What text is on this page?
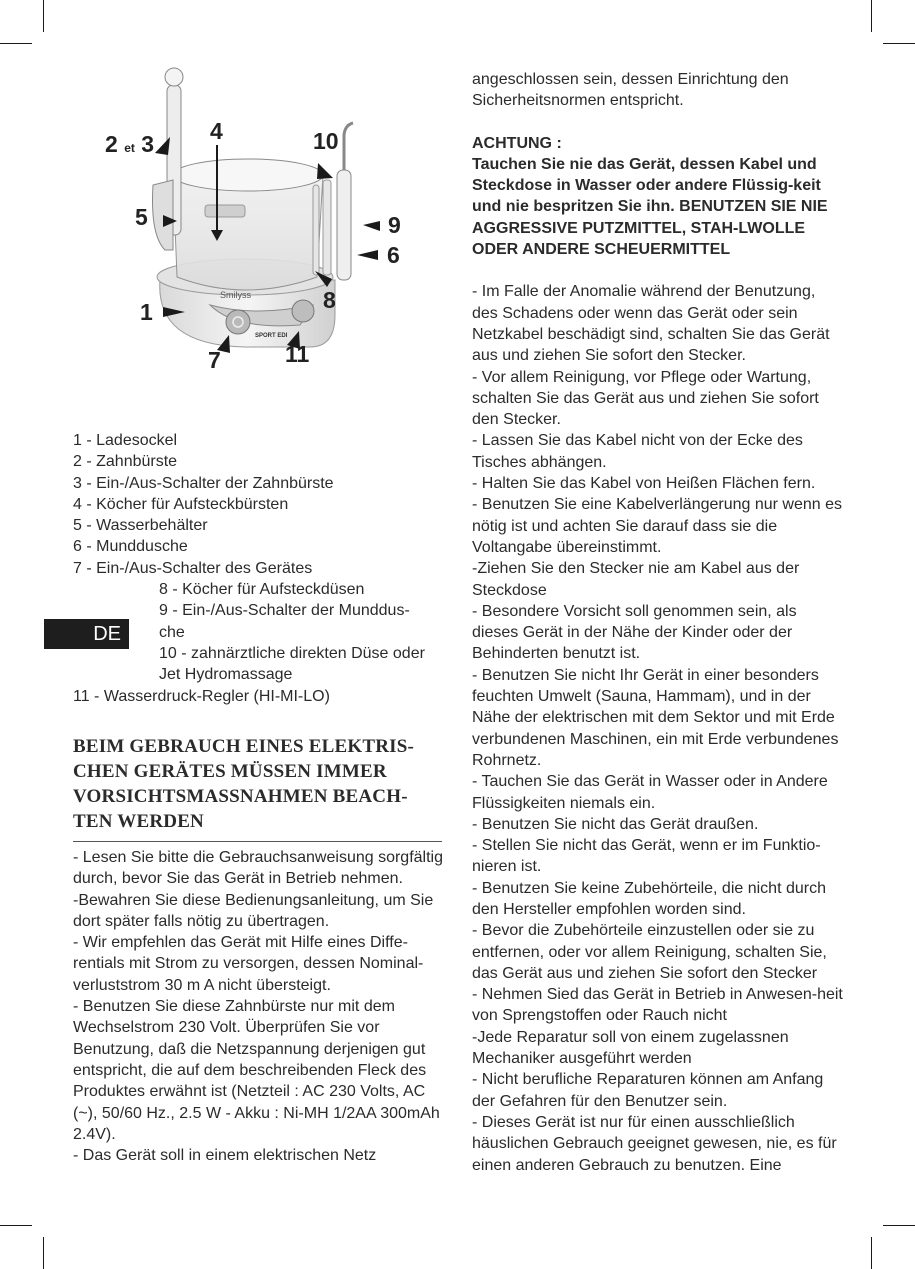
Smilyss
SPORT EDI
2 et 3 4	10
5	9
6
1	8
7	11
1 - Ladesockel
2 - Zahnbürste
3 - Ein-/Aus-Schalter der Zahnbürste
4 - Köcher für Aufsteckbürsten
5 - Wasserbehälter
6 - Munddusche
7 - Ein-/Aus-Schalter des Gerätes
8 - Köcher für Aufsteckdüsen
9 - Ein-/Aus-Schalter der Munddus-che
10 - zahnärztliche direkten Düse oder Jet Hydromassage
11 - Wasserdruck-Regler (HI-MI-LO)
DE
BEIM GEBRAUCH EINES ELEKTRIS-CHEN GERÄTES MÜSSEN IMMER VORSICHTSMASSNAHMEN BEACH-TEN WERDEN

- Lesen Sie bitte die Gebrauchsanweisung sorgfältig durch, bevor Sie das Gerät in Betrieb nehmen.

-Bewahren Sie diese Bedienungsanleitung, um Sie dort später falls nötig zu übertragen.

- Wir empfehlen das Gerät mit Hilfe eines Diffe-rentials mit Strom zu versorgen, dessen Nominal-verluststrom 30 m A nicht übersteigt.

- Benutzen Sie diese Zahnbürste nur mit dem Wechselstrom 230 Volt. Überprüfen Sie vor Benutzung, daß die Netzspannung derjenigen gut entspricht, die auf dem beschreibenden Fleck des Produktes erwähnt ist (Netzteil : AC 230 Volts, AC (~), 50/60 Hz., 2.5 W - Akku : Ni-MH 1/2AA 300mAh 2.4V).

- Das Gerät soll in einem elektrischen Netz

angeschlossen sein, dessen Einrichtung den Sicherheitsnormen entspricht.

ACHTUNG :

Tauchen Sie nie das Gerät, dessen Kabel und Steckdose in Wasser oder andere Flüssig-keit und nie bespritzen Sie ihn. BENUTZEN SIE NIE AGGRESSIVE PUTZMITTEL, STAH-LWOLLE ODER ANDERE SCHEUERMITTEL

- Im Falle der Anomalie während der Benutzung, des Schadens oder wenn das Gerät oder sein Netzkabel beschädigt sind, schalten Sie das Gerät aus und ziehen Sie sofort den Stecker.

- Vor allem Reinigung, vor Pflege oder Wartung, schalten Sie das Gerät aus und ziehen Sie sofort den Stecker.

- Lassen Sie das Kabel nicht von der Ecke des Tisches abhängen.

- Halten Sie das Kabel von Heißen Flächen fern.

- Benutzen Sie eine Kabelverlängerung nur wenn es nötig ist und achten Sie darauf dass sie die Voltangabe übereinstimmt.

-Ziehen Sie den Stecker nie am Kabel aus der Steckdose

- Besondere Vorsicht soll genommen sein, als dieses Gerät in der Nähe der Kinder oder der Behinderten benutzt ist.

- Benutzen Sie nicht Ihr Gerät in einer besonders feuchten Umwelt (Sauna, Hammam), und in der Nähe der elektrischen mit dem Sektor und mit Erde verbundenen Maschinen, ein mit Erde verbundenes Rohrnetz.

- Tauchen Sie das Gerät in Wasser oder in Andere Flüssigkeiten niemals ein.

- Benutzen Sie nicht das Gerät draußen.

- Stellen Sie nicht das Gerät, wenn er im Funktio-nieren ist.

- Benutzen Sie keine Zubehörteile, die nicht durch den Hersteller empfohlen worden sind.

- Bevor die Zubehörteile einzustellen oder sie zu entfernen, oder vor allem Reinigung, schalten Sie, das Gerät aus und ziehen Sie sofort den Stecker

- Nehmen Sied das Gerät in Betrieb in Anwesen-heit von Sprengstoffen oder Rauch nicht

-Jede Reparatur soll von einem zugelassnen Mechaniker ausgeführt werden

- Nicht berufliche Reparaturen können am Anfang der Gefahren für den Benutzer sein.

- Dieses Gerät ist nur für einen ausschließlich häuslichen Gebrauch geeignet gewesen, nie, es für einen anderen Gebrauch zu benutzen. Eine
